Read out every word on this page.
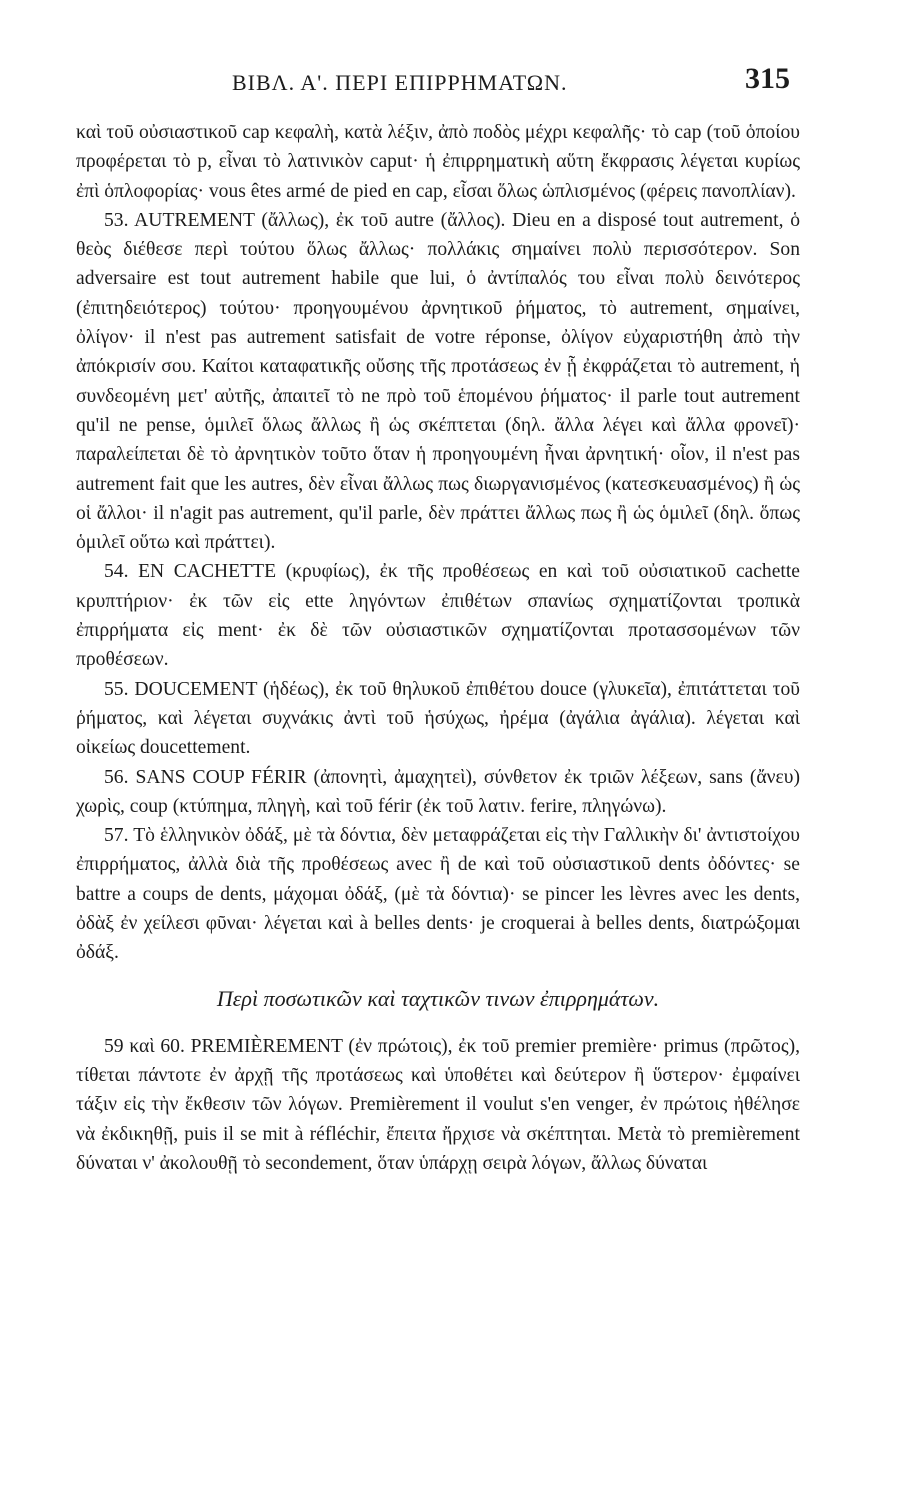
ΒΙΒΛ. Α'. ΠΕΡΙ ΕΠΙΡΡΗΜΑΤΩΝ.	315

καὶ τοῦ οὐσιαστικοῦ cap κεφαλὴ, κατὰ λέξιν, ἀπὸ ποδὸς μέχρι κεφαλῆς· τὸ cap (τοῦ ὁποίου προφέρεται τὸ p, εἶναι τὸ λατινικὸν caput· ἡ ἐπιρρηματικὴ αὕτη ἔκφρασις λέγεται κυρίως ἐπὶ ὁπλοφορίας· vous êtes armé de pied en cap, εἶσαι ὅλως ὡπλισμένος (φέρεις πανοπλίαν).

53. AUTREMENT (ἄλλως), ἐκ τοῦ autre (ἄλλος). Dieu en a disposé tout autrement, ὁ θεὸς διέθεσε περὶ τούτου ὅλως ἄλλως· πολλάκις σημαίνει πολὺ περισσότερον. Son adversaire est tout autrement habile que lui, ὁ ἀντίπαλός του εἶναι πολὺ δεινότερος (ἐπιτηδειότερος) τούτου· προηγουμένου ἀρνητικοῦ ῥήματος, τὸ autrement, σημαίνει, ὀλίγον· il n'est pas autrement satisfait de votre réponse, ὀλίγον εὐχαριστήθη ἀπὸ τὴν ἀπόκρισίν σου. Καίτοι καταφατικῆς οὔσης τῆς προτάσεως ἐν ᾗ ἐκφράζεται τὸ autrement, ἡ συνδεομένη μετ' αὐτῆς, ἀπαιτεῖ τὸ ne πρὸ τοῦ ἑπομένου ῥήματος· il parle tout autrement qu'il ne pense, ὁμιλεῖ ὅλως ἄλλως ἢ ὡς σκέπτεται (δηλ. ἄλλα λέγει καὶ ἄλλα φρονεῖ)· παραλείπεται δὲ τὸ ἀρνητικὸν τοῦτο ὅταν ἡ προηγουμένη ἦναι ἀρνητική· οἷον, il n'est pas autrement fait que les autres, δὲν εἶναι ἄλλως πως διωργανισμένος (κατεσκευασμένος) ἢ ὡς οἱ ἄλλοι· il n'agit pas autrement, qu'il parle, δὲν πράττει ἄλλως πως ἢ ὡς ὁμιλεῖ (δηλ. ὅπως ὁμιλεῖ οὕτω καὶ πράττει).

54. EN CACHETTE (κρυφίως), ἐκ τῆς προθέσεως en καὶ τοῦ οὐσιατικοῦ cachette κρυπτήριον· ἐκ τῶν εἰς ette ληγόντων ἐπιθέτων σπανίως σχηματίζονται τροπικὰ ἐπιρρήματα εἰς ment· ἐκ δὲ τῶν οὐσιαστικῶν σχηματίζονται προτασσομένων τῶν προθέσεων.

55. DOUCEMENT (ἡδέως), ἐκ τοῦ θηλυκοῦ ἐπιθέτου douce (γλυκεῖα), ἐπιτάττεται τοῦ ῥήματος, καὶ λέγεται συχνάκις ἀντὶ τοῦ ἡσύχως, ἠρέμα (ἀγάλια ἀγάλια). λέγεται καὶ οἰκείως doucettement.

56. SANS COUP FÉRIR (ἀπονητὶ, ἀμαχητεὶ), σύνθετον ἐκ τριῶν λέξεων, sans (ἄνευ) χωρὶς, coup (κτύπημα, πληγὴ, καὶ τοῦ férir (ἐκ τοῦ λατιν. ferire, πληγώνω).

57. Τὸ ἑλληνικὸν ὀδάξ, μὲ τὰ δόντια, δὲν μεταφράζεται εἰς τὴν Γαλλικὴν δι' ἀντιστοίχου ἐπιρρήματος, ἀλλὰ διὰ τῆς προθέσεως avec ἢ de καὶ τοῦ οὐσιαστικοῦ dents ὀδόντες· se battre a coups de dents, μάχομαι ὀδάξ, (μὲ τὰ δόντια)· se pincer les lèvres avec les dents, ὀδὰξ ἐν χείλεσι φῦναι· λέγεται καὶ à belles dents· je croquerai à belles dents, διατρώξομαι ὀδάξ.

Περὶ ποσωτικῶν καὶ ταχτικῶν τινων ἐπιρρημάτων.

59 καὶ 60. PREMIÈREMENT (ἐν πρώτοις), ἐκ τοῦ premier première· primus (πρῶτος), τίθεται πάντοτε ἐν ἀρχῇ τῆς προτάσεως καὶ ὑποθέτει καὶ δεύτερον ἢ ὕστερον· ἐμφαίνει τάξιν εἰς τὴν ἔκθεσιν τῶν λόγων. Premièrement il voulut s'en venger, ἐν πρώτοις ἠθέλησε νὰ ἐκδικηθῇ, puis il se mit à réfléchir, ἔπειτα ἤρχισε νὰ σκέπτηται. Μετὰ τὸ premièrement δύναται ν' ἀκολουθῇ τὸ secondement, ὅταν ὑπάρχῃ σειρὰ λόγων, ἄλλως δύναται
